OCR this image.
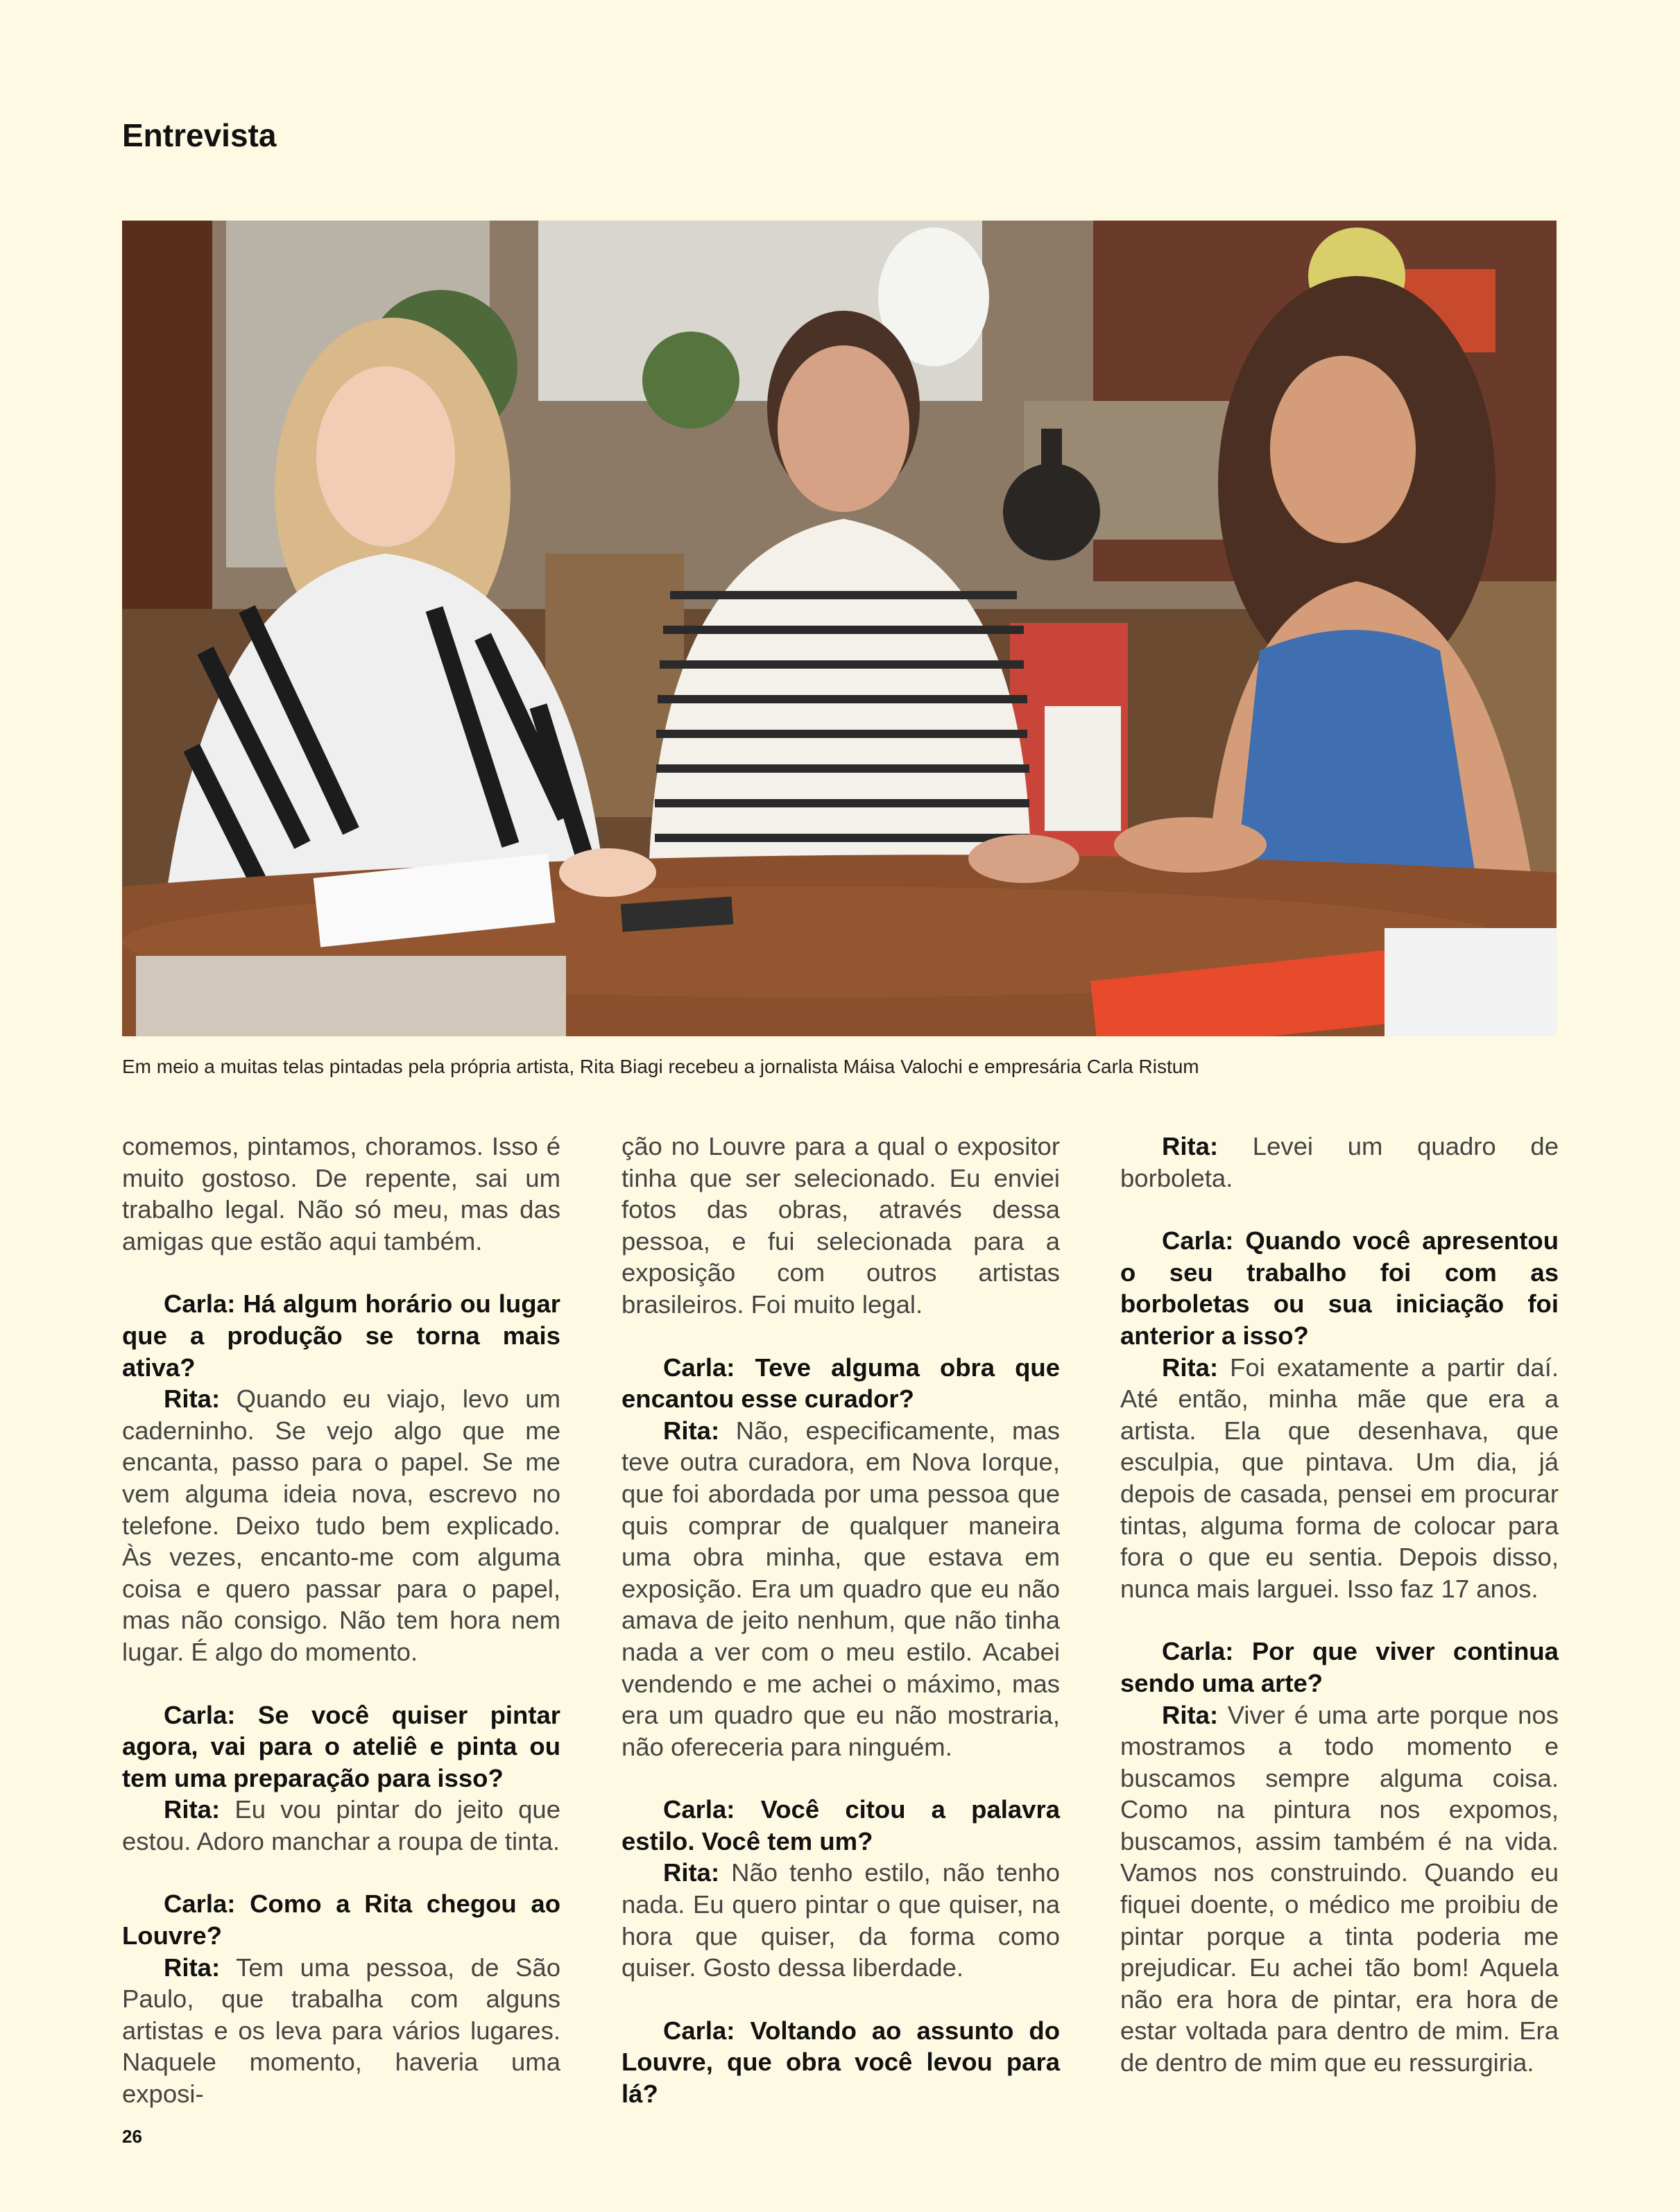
Entrevista

Em meio a muitas telas pintadas pela própria artista, Rita Biagi recebeu a jornalista Máisa Valochi e empresária Carla Ristum

comemos, pintamos, choramos. Isso é muito gostoso. De repente, sai um trabalho legal. Não só meu, mas das amigas que estão aqui também.

Carla: Há algum horário ou lugar que a produção se torna mais ativa?

Rita: Quando eu viajo, levo um caderninho. Se vejo algo que me encanta, passo para o papel. Se me vem alguma ideia nova, escrevo no telefone. Deixo tudo bem explicado. Às vezes, encanto-me com alguma coisa e quero passar para o papel, mas não consigo. Não tem hora nem lugar. É algo do momento.

Carla: Se você quiser pintar agora, vai para o ateliê e pinta ou tem uma preparação para isso?

Rita: Eu vou pintar do jeito que estou. Adoro manchar a roupa de tinta.

Carla: Como a Rita chegou ao Louvre?

Rita: Tem uma pessoa, de São Paulo, que trabalha com alguns artistas e os leva para vários lugares. Naquele momento, haveria uma exposi-

ção no Louvre para a qual o expositor tinha que ser selecionado. Eu enviei fotos das obras, através dessa pessoa, e fui selecionada para a exposição com outros artistas brasileiros. Foi muito legal.

Carla: Teve alguma obra que encantou esse curador?

Rita: Não, especificamente, mas teve outra curadora, em Nova Iorque, que foi abordada por uma pessoa que quis comprar de qualquer maneira uma obra minha, que estava em exposição. Era um quadro que eu não amava de jeito nenhum, que não tinha nada a ver com o meu estilo. Acabei vendendo e me achei o máximo, mas era um quadro que eu não mostraria, não ofereceria para ninguém.

Carla: Você citou a palavra estilo. Você tem um?

Rita: Não tenho estilo, não tenho nada. Eu quero pintar o que quiser, na hora que quiser, da forma como quiser. Gosto dessa liberdade.

Carla: Voltando ao assunto do Louvre, que obra você levou para lá?

Rita: Levei um quadro de borboleta.

Carla: Quando você apresentou o seu trabalho foi com as borboletas ou sua iniciação foi anterior a isso?

Rita: Foi exatamente a partir daí. Até então, minha mãe que era a artista. Ela que desenhava, que esculpia, que pintava. Um dia, já depois de casada, pensei em procurar tintas, alguma forma de colocar para fora o que eu sentia. Depois disso, nunca mais larguei. Isso faz 17 anos.

Carla: Por que viver continua sendo uma arte?

Rita: Viver é uma arte porque nos mostramos a todo momento e buscamos sempre alguma coisa. Como na pintura nos expomos, buscamos, assim também é na vida. Vamos nos construindo. Quando eu fiquei doente, o médico me proibiu de pintar porque a tinta poderia me prejudicar. Eu achei tão bom! Aquela não era hora de pintar, era hora de estar voltada para dentro de mim. Era de dentro de mim que eu ressurgiria.

26
